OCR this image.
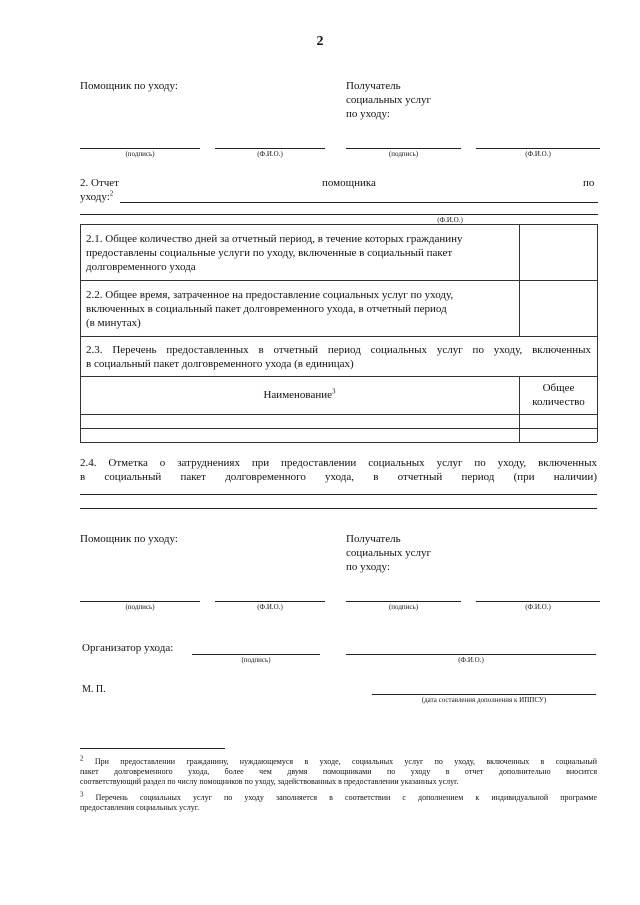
2
Помощник по уходу:	Получатель
социальных услуг
по уходу:
(подпись)	(Ф.И.О.)	(подпись)	(Ф.И.О.)
2. Отчет	помощника	по
уходу:$^2$
(Ф.И.О.)
2.1. Общее количество дней за отчетный период, в течение которых гражданину
предоставлены социальные услуги по уходу, включенные в социальный пакет
долговременного ухода
2.2. Общее время, затраченное на предоставление социальных услуг по уходу,
включенных в социальный пакет долговременного ухода, в отчетный период
(в минутах)
2.3. Перечень предоставленных в отчетный период социальных услуг по уходу, включенных
в социальный пакет долговременного ухода (в единицах)
Наименование$^3$	Общее
количество
2.4. Отметка о затруднениях при предоставлении социальных услуг по уходу, включенных
в социальный пакет долговременного ухода, в отчетный период (при наличии)
Помощник по уходу:	Получатель
социальных услуг
по уходу:
(подпись)	(Ф.И.О.)	(подпись)	(Ф.И.О.)
Организатор ухода:
(подпись)	(Ф.И.О.)
М. П.
(дата составления дополнения к ИППСУ)
$^2$ При предоставлении гражданину, нуждающемуся в уходе, социальных услуг по уходу, включенных в социальный
пакет долговременного ухода, более чем двумя помощниками по уходу в отчет дополнительно вносится
соответствующий раздел по числу помощников по уходу, задействованных в предоставлении указанных услуг.
$^3$ Перечень социальных услуг по уходу заполняется в соответствии с дополнением к индивидуальной программе
предоставления социальных услуг.
